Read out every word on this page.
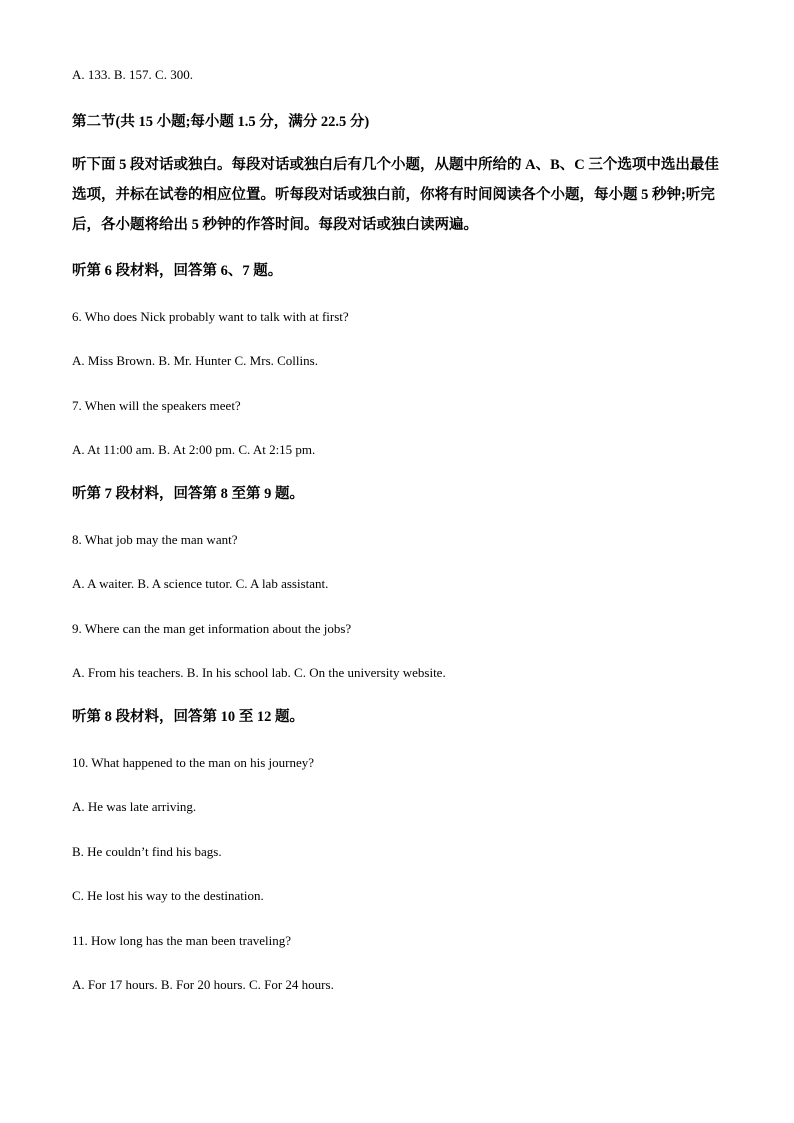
A. 133. B. 157. C. 300.
第二节(共 15 小题;每小题 1.5 分，满分 22.5 分)
听下面 5 段对话或独白。每段对话或独白后有几个小题，从题中所给的 A、B、C 三个选项中选出最佳选项，并标在试卷的相应位置。听每段对话或独白前，你将有时间阅读各个小题，每小题 5 秒钟;听完后，各小题将给出 5 秒钟的作答时间。每段对话或独白读两遍。
听第 6 段材料，回答第 6、7 题。
6. Who does Nick probably want to talk with at first?
A. Miss Brown. B. Mr. Hunter C. Mrs. Collins.
7. When will the speakers meet?
A. At 11:00 am. B. At 2:00 pm. C. At 2:15 pm.
听第 7 段材料，回答第 8 至第 9 题。
8. What job may the man want?
A. A waiter. B. A science tutor. C. A lab assistant.
9. Where can the man get information about the jobs?
A. From his teachers. B. In his school lab. C. On the university website.
听第 8 段材料，回答第 10 至 12 题。
10. What happened to the man on his journey?
A. He was late arriving.
B. He couldn’t find his bags.
C. He lost his way to the destination.
11. How long has the man been traveling?
A. For 17 hours. B. For 20 hours. C. For 24 hours.
